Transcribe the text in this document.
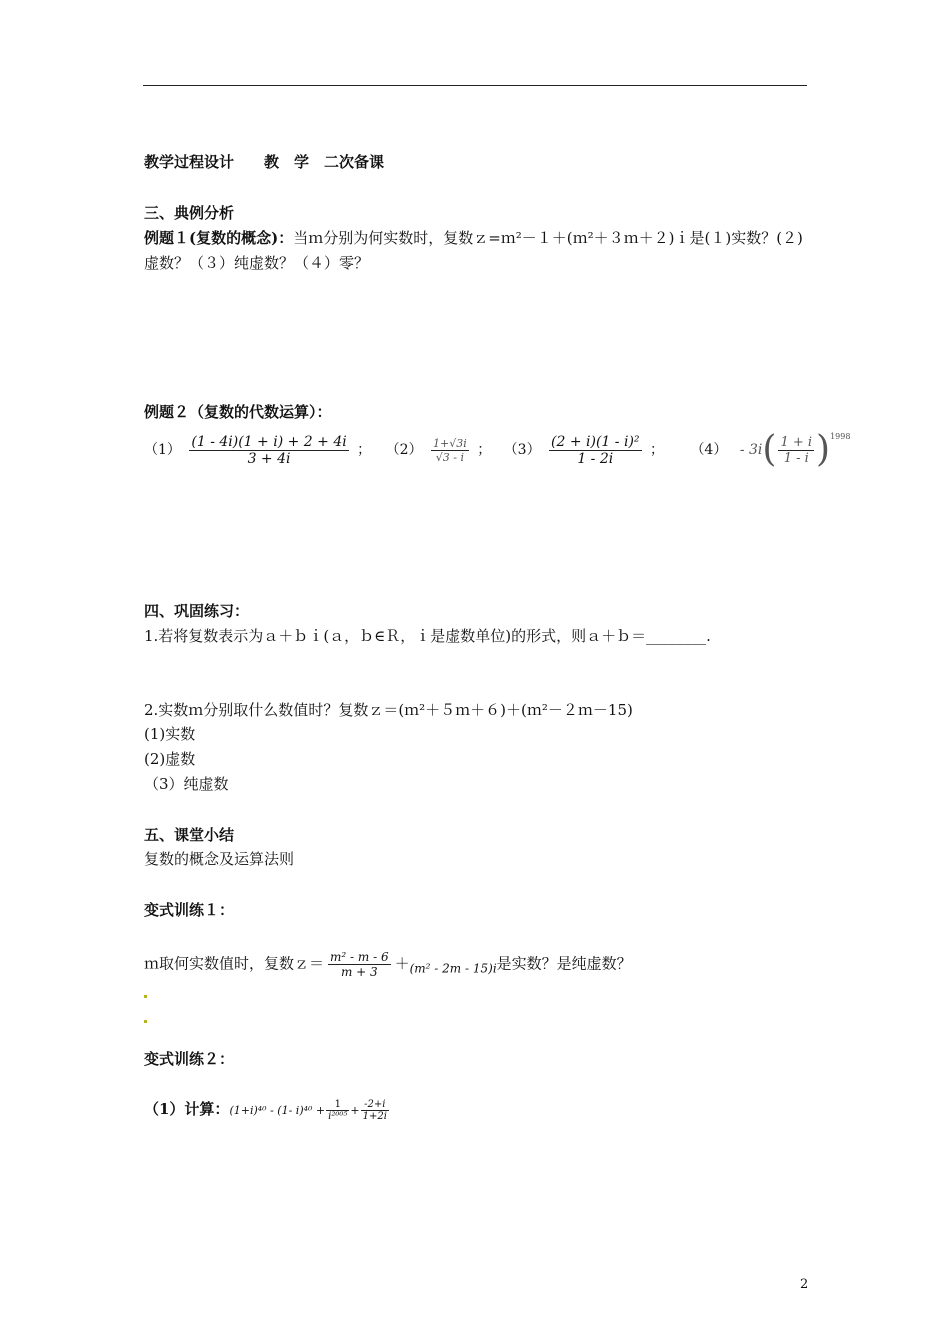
教学过程设计　　教　学　二次备课
三、典例分析
例题１(复数的概念)：当ｍ分别为何实数时，复数ｚ=ｍ²－１＋(ｍ²＋３ｍ＋２)ｉ是(１)实数？(２)
虚数？（３）纯虚数？（４）零？
例题２（复数的代数运算）：
$(1) \frac{(1 - 4i)(1 + i) + 2 + 4i}{3 + 4i}$ ； $(2) \frac{1+√3i}{√3 - i}$ ； $(3) \frac{\text{(2 + i)(1 - i)²}}{1 - 2i}$ ； $(4) - 3i( \frac{1 + i}{1 - i} )^{1998}$
四、巩固练习：
1.若将复数表示为ａ＋ｂｉ(ａ，ｂ∈Ｒ，ｉ是虚数单位)的形式，则ａ＋ｂ＝________.
2.实数ｍ分别取什么数值时？复数ｚ＝(ｍ²＋５ｍ＋６)＋(ｍ²－２ｍ－15)
(1)实数
(2)虚数
（3）纯虚数
五、课堂小结
复数的概念及运算法则
变式训练１：
ｍ取何实数值时，复数ｚ＝ $\frac{\text{m² - m - 6}}{m + 3} +_{(m^2 - 2m - 15)i}$是实数？是纯虚数？
变式训练２：
（1）计算：(1+i)⁴⁰ - (1- $i)^{40} + \frac{1}{\text{i²⁰⁰⁵}} + \frac{-2+i}{1+2i}$
2
